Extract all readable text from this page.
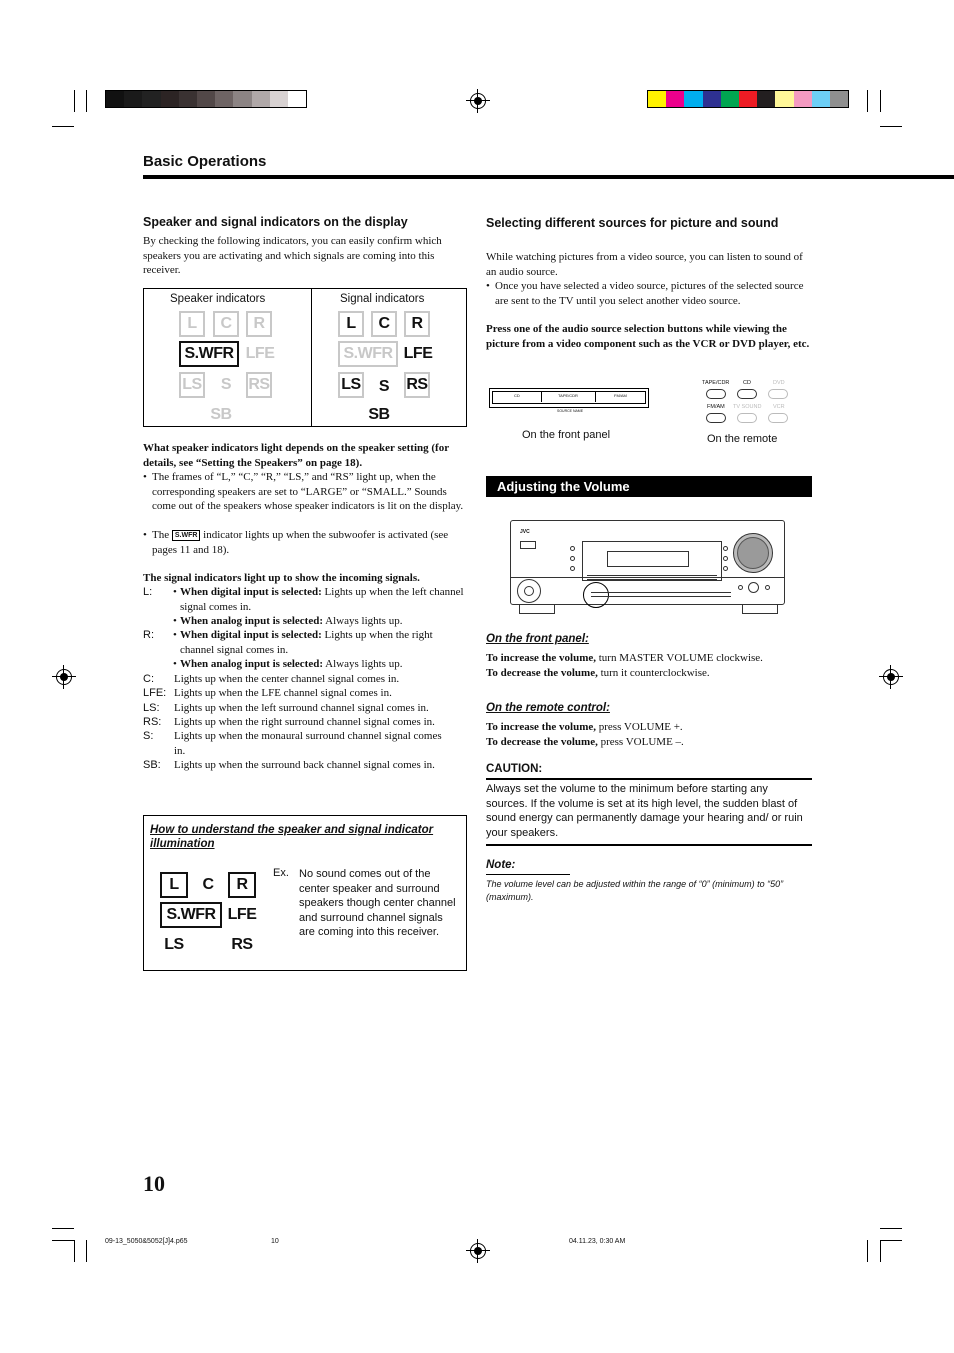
Basic Operations
Speaker and signal indicators on the display
By checking the following indicators, you can easily confirm which speakers you are activating and which signals are coming into this receiver.
Speaker indicators	Signal indicators
L	C	R
S.WFR LFE
LS	S	RS
SB
L	C	R
S.WFR LFE
LS	S	RS
SB
What speaker indicators light depends on the speaker setting (for details, see “Setting the Speakers” on page 18).
• The frames of “L,” “C,” “R,” “LS,” and “RS” light up, when the corresponding speakers are set to “LARGE” or “SMALL.” Sounds come out of the speakers whose speaker indicators is lit on the display.
• The S.WFR indicator lights up when the subwoofer is activated (see pages 11 and 18).
The signal indicators light up to show the incoming signals.
L: • When digital input is selected: Lights up when the left channel signal comes in.
• When analog input is selected: Always lights up.
R: • When digital input is selected: Lights up when the right channel signal comes in.
• When analog input is selected: Always lights up.
C: Lights up when the center channel signal comes in.
LFE: Lights up when the LFE channel signal comes in.
LS: Lights up when the left surround channel signal comes in.
RS: Lights up when the right surround channel signal comes in.
S: Lights up when the monaural surround channel signal comes in.
SB: Lights up when the surround back channel signal comes in.
How to understand the speaker and signal indicator illumination
L	C	R
S.WFR LFE
LS	RS
Ex. No sound comes out of the center speaker and surround speakers though center channel and surround channel signals are coming into this receiver.
Selecting different sources for picture and sound
While watching pictures from a video source, you can listen to sound of an audio source.
• Once you have selected a video source, pictures of the selected source are sent to the TV until you select another video source.
Press one of the audio source selection buttons while viewing the picture from a video component such as the VCR or DVD player, etc.
CD	TAPE/CDR	FM/AM
SOURCE NAME
On the front panel
TAPE/CDR CD	DVD
FM/AM TV SOUND VCR
On the remote
Adjusting the Volume
JVC
On the front panel:
To increase the volume, turn MASTER VOLUME clockwise.
To decrease the volume, turn it counterclockwise.
On the remote control:
To increase the volume, press VOLUME +.
To decrease the volume, press VOLUME –.
CAUTION:
Always set the volume to the minimum before starting any sources. If the volume is set at its high level, the sudden blast of sound energy can permanently damage your hearing and/ or ruin your speakers.
Note:
The volume level can be adjusted within the range of “0” (minimum) to “50” (maximum).
10
09-13_5050&5052[J]4.p65	10	04.11.23, 0:30 AM
